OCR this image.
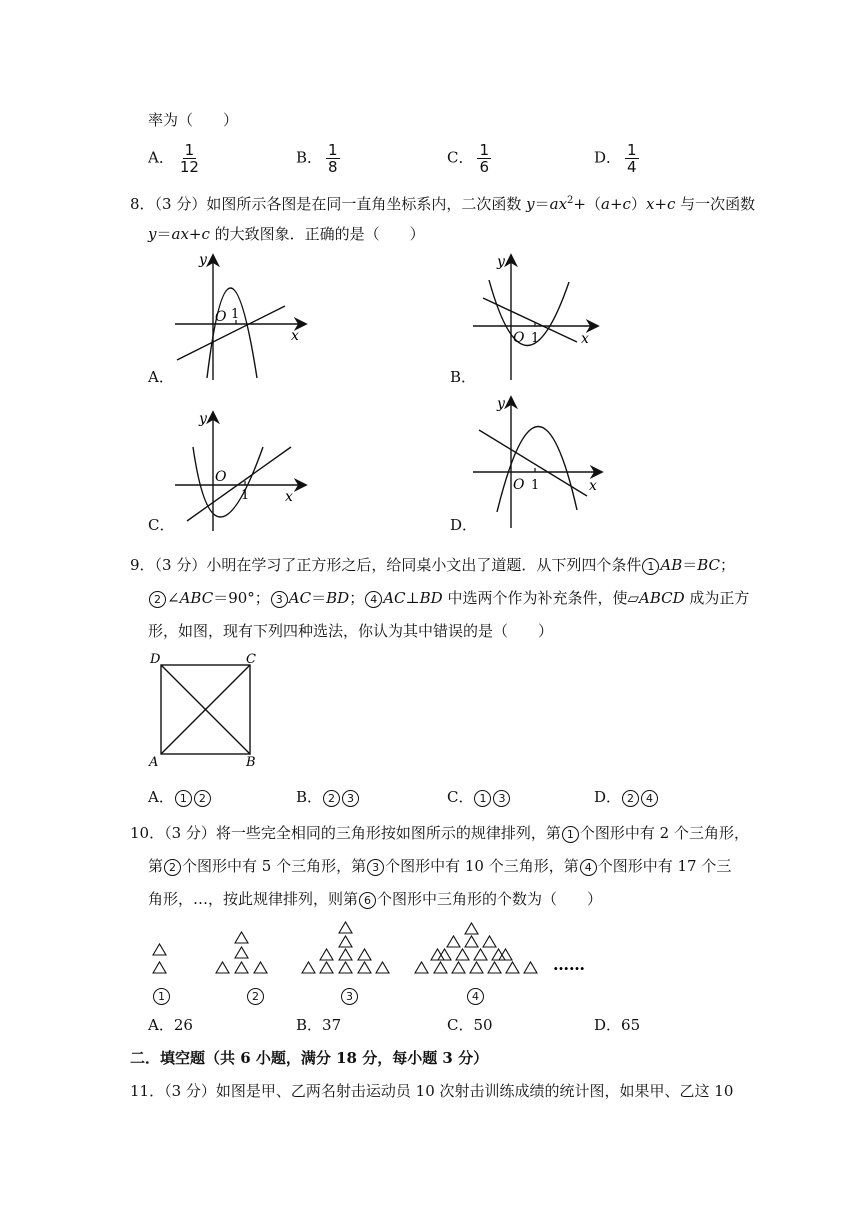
率为（　　）
A． $\frac{1}{12}$	B． $\frac{1}{8}$	C． $\frac{1}{6}$	D． $\frac{1}{4}$
8．（3 分）如图所示各图是在同一直角坐标系内，二次函数 $y=ax^2+(a+c)x+c$ 与一次函数
y＝ax+c 的大致图象．正确的是（　　）
y
x
O 1
A．
y
x
O 1
B．
y
x
O
1
C．
y
x
O 1
D．
9．（3 分）小明在学习了正方形之后，给同桌小文出了道题．从下列四个条件 1 AB＝BC；
2 ∠ABC＝90°； 3 AC＝BD； 4 AC⊥BD 中选两个作为补充条件，使▱ABCD 成为正方
形，如图，现有下列四种选法，你认为其中错误的是（　　）
D	C
A	B
A． 1 2	B． 2 3	C． 1 3	D． 2 4
10．（3 分）将一些完全相同的三角形按如图所示的规律排列，第 1 个图形中有 2 个三角形，
第 2 个图形中有 5 个三角形，第 3 个图形中有 10 个三角形，第 4 个图形中有 17 个三
角形，…，按此规律排列，则第 6 个图形中三角形的个数为（　　）
……
1	2	3	4
A．26	B．37	C．50	D．65
二．填空题（共 6 小题，满分 18 分，每小题 3 分）
11．（3 分）如图是甲、乙两名射击运动员 10 次射击训练成绩的统计图，如果甲、乙这 10
